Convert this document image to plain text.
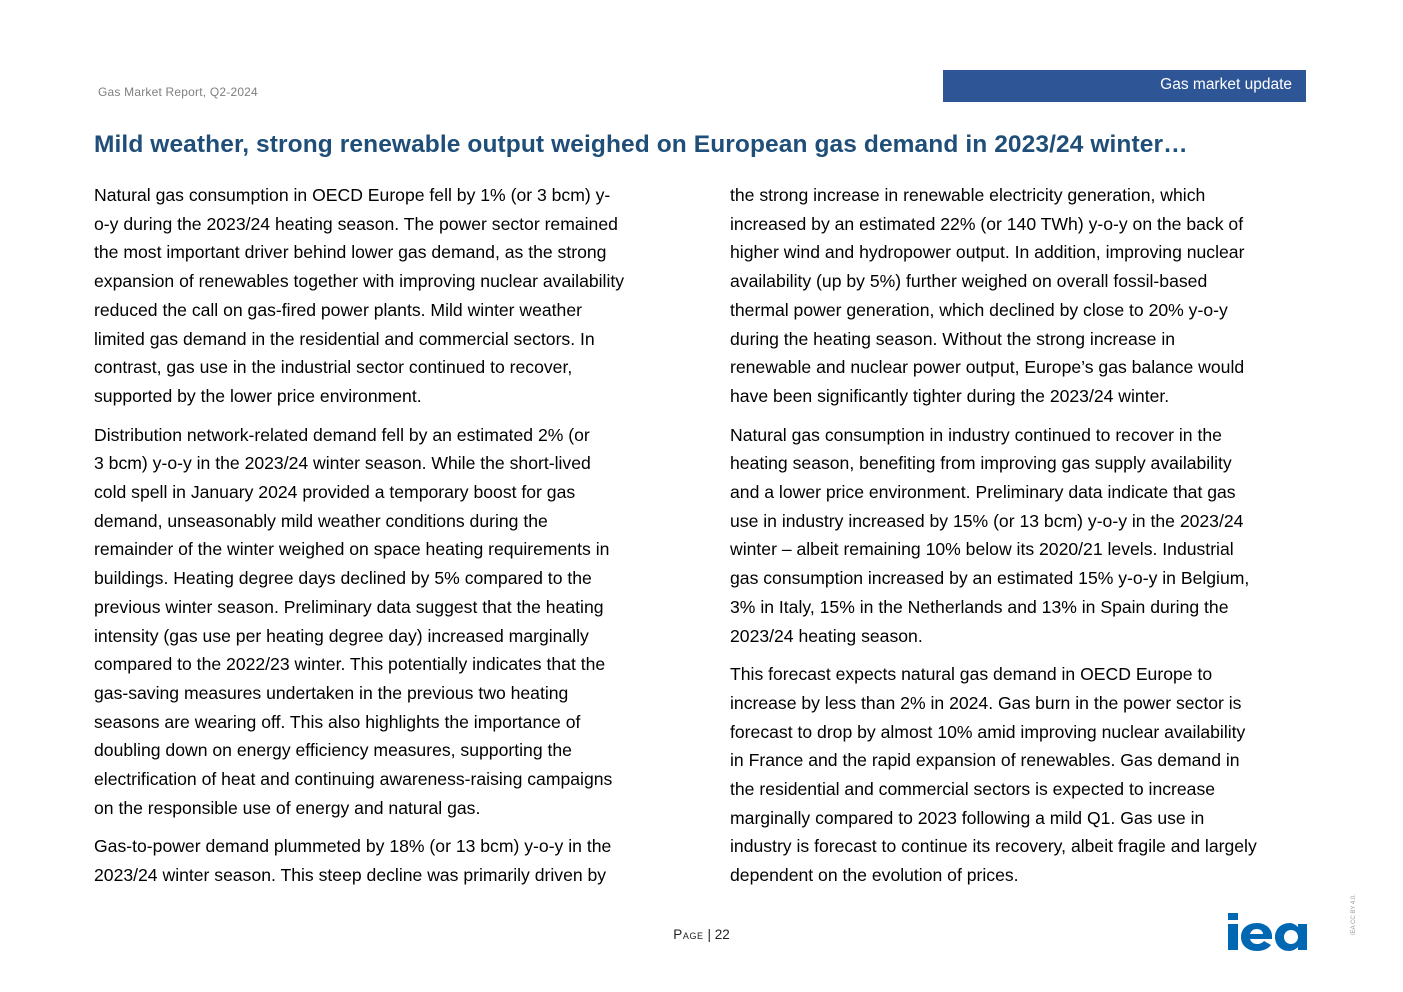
Gas Market Report, Q2-2024	Gas market update
Mild weather, strong renewable output weighed on European gas demand in 2023/24 winter…

Natural gas consumption in OECD Europe fell by 1% (or 3 bcm) y-
o-y during the 2023/24 heating season. The power sector remained
the most important driver behind lower gas demand, as the strong
expansion of renewables together with improving nuclear availability
reduced the call on gas-fired power plants. Mild winter weather
limited gas demand in the residential and commercial sectors. In
contrast, gas use in the industrial sector continued to recover,
supported by the lower price environment.

Distribution network-related demand fell by an estimated 2% (or
3 bcm) y-o-y in the 2023/24 winter season. While the short-lived
cold spell in January 2024 provided a temporary boost for gas
demand, unseasonably mild weather conditions during the
remainder of the winter weighed on space heating requirements in
buildings. Heating degree days declined by 5% compared to the
previous winter season. Preliminary data suggest that the heating
intensity (gas use per heating degree day) increased marginally
compared to the 2022/23 winter. This potentially indicates that the
gas-saving measures undertaken in the previous two heating
seasons are wearing off. This also highlights the importance of
doubling down on energy efficiency measures, supporting the
electrification of heat and continuing awareness-raising campaigns
on the responsible use of energy and natural gas.

Gas-to-power demand plummeted by 18% (or 13 bcm) y-o-y in the
2023/24 winter season. This steep decline was primarily driven by

the strong increase in renewable electricity generation, which
increased by an estimated 22% (or 140 TWh) y-o-y on the back of
higher wind and hydropower output. In addition, improving nuclear
availability (up by 5%) further weighed on overall fossil-based
thermal power generation, which declined by close to 20% y-o-y
during the heating season. Without the strong increase in
renewable and nuclear power output, Europe’s gas balance would
have been significantly tighter during the 2023/24 winter.

Natural gas consumption in industry continued to recover in the
heating season, benefiting from improving gas supply availability
and a lower price environment. Preliminary data indicate that gas
use in industry increased by 15% (or 13 bcm) y-o-y in the 2023/24
winter – albeit remaining 10% below its 2020/21 levels. Industrial
gas consumption increased by an estimated 15% y-o-y in Belgium,
3% in Italy, 15% in the Netherlands and 13% in Spain during the
2023/24 heating season.

This forecast expects natural gas demand in OECD Europe to
increase by less than 2% in 2024. Gas burn in the power sector is
forecast to drop by almost 10% amid improving nuclear availability
in France and the rapid expansion of renewables. Gas demand in
the residential and commercial sectors is expected to increase
marginally compared to 2023 following a mild Q1. Gas use in
industry is forecast to continue its recovery, albeit fragile and largely
dependent on the evolution of prices.

Page | 22	IEA CC BY 4.0.
